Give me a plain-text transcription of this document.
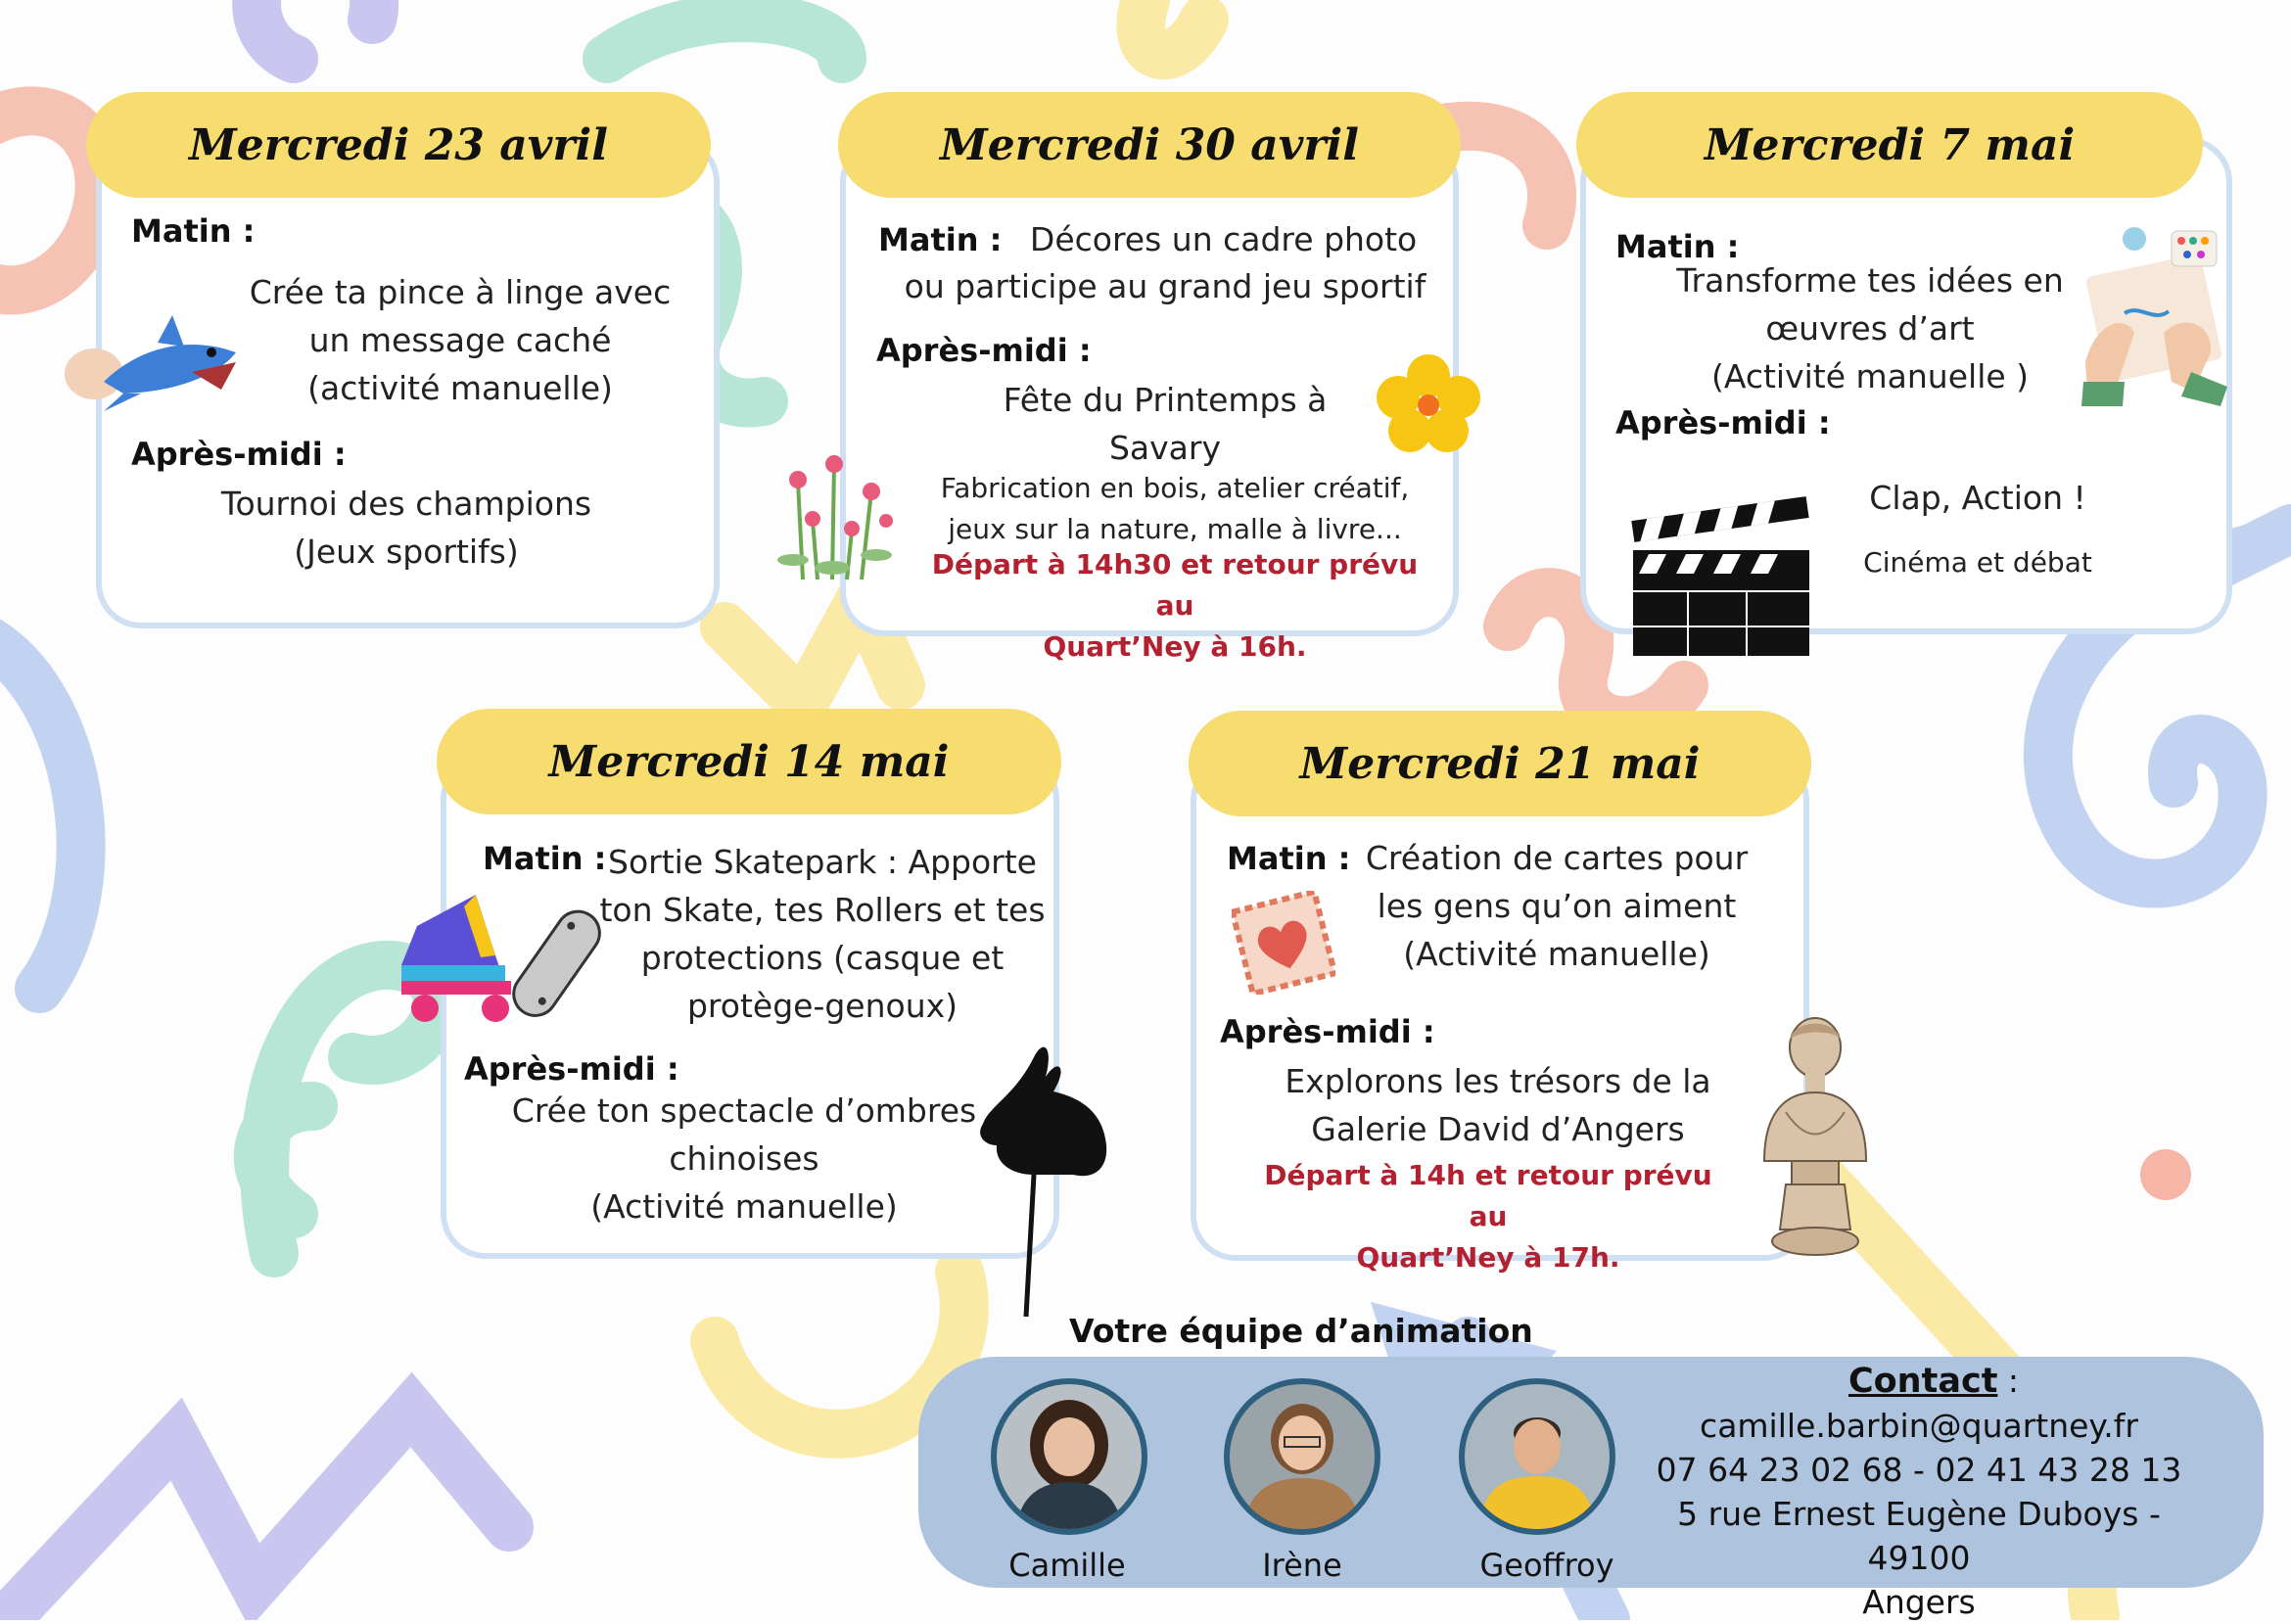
Mercredi 23 avril
Matin :
Crée ta pince à linge avec
un message caché
(activité manuelle)
Après-midi :
Tournoi des champions
(Jeux sportifs)
Mercredi 30 avril
Matin : Décores un cadre photo
ou participe au grand jeu sportif
Après-midi :
Fête du Printemps à
Savary
Fabrication en bois, atelier créatif,
jeux sur la nature, malle à livre...
Départ à 14h30 et retour prévu au
Quart’Ney à 16h.
Mercredi 7 mai
Matin :
Transforme tes idées en
œuvres d’art
(Activité manuelle )
Après-midi :
Clap, Action !
Cinéma et débat
Mercredi 14 mai
Matin : Sortie Skatepark : Apporte
ton Skate, tes Rollers et tes
protections (casque et
protège-genoux)
Après-midi :
Crée ton spectacle d’ombres
chinoises
(Activité manuelle)
Mercredi 21 mai
Matin : Création de cartes pour
les gens qu’on aiment
(Activité manuelle)
Après-midi :
Explorons les trésors de la
Galerie David d’Angers
Départ à 14h et retour prévu au
Quart’Ney à 17h.
Votre équipe d’animation
Camille	Irène	Geoffroy
Contact :
camille.barbin@quartney.fr
07 64 23 02 68 - 02 41 43 28 13
5 rue Ernest Eugène Duboys - 49100
Angers
